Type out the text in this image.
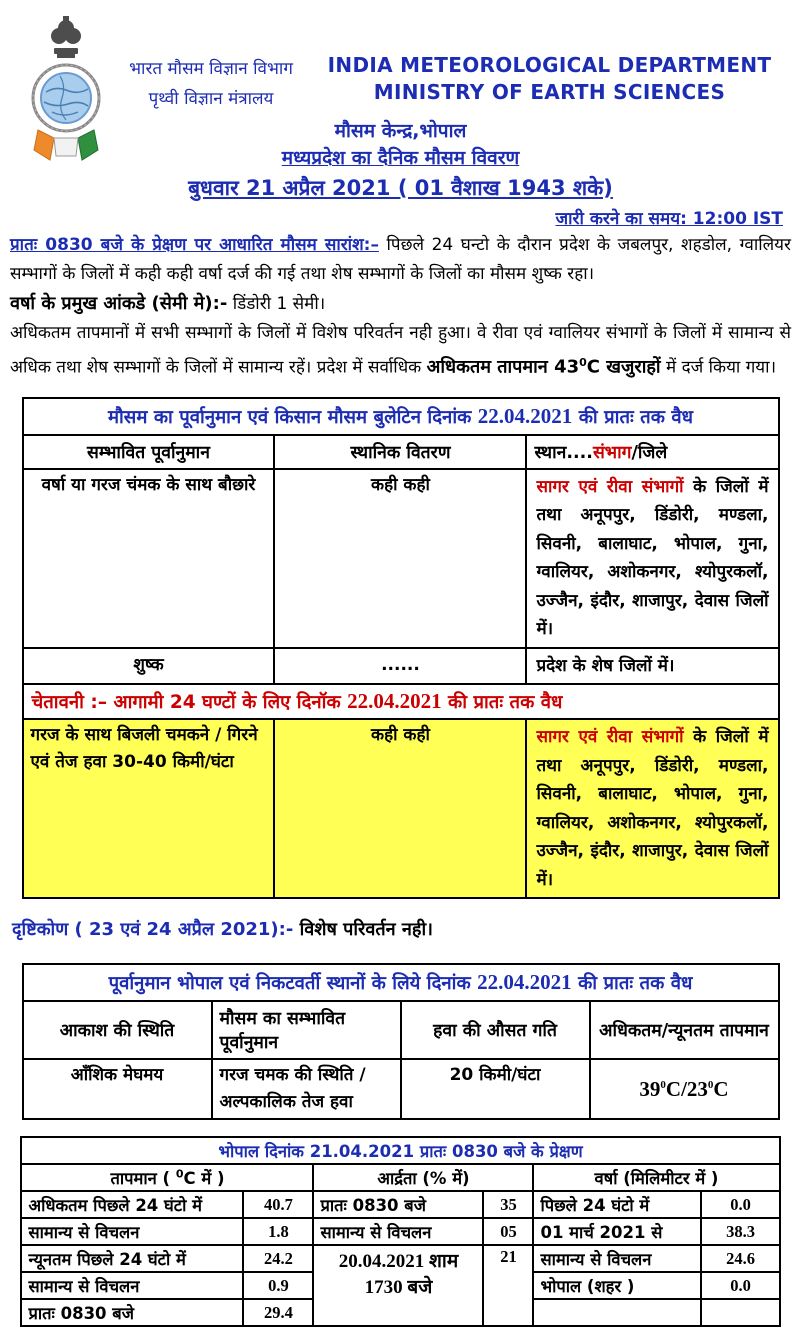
भारत मौसम विज्ञान विभाग
पृथ्वी विज्ञान मंत्रालय
INDIA METEOROLOGICAL DEPARTMENT
MINISTRY OF EARTH SCIENCES
मौसम केन्द्र,भोपाल
मध्यप्रदेश का दैनिक मौसम विवरण
बुधवार 21 अप्रैल 2021 ( 01 वैशाख 1943 शके)
जारी करने का समय: 12:00 IST

प्रातः 0830 बजे के प्रेक्षण पर आधारित मौसम सारांश:– पिछले 24 घन्टो के दौरान प्रदेश के जबलपुर, शहडोल, ग्वालियर सम्भागों के जिलों में कही कही वर्षा दर्ज की गई तथा शेष सम्भागों के जिलों का मौसम शुष्क रहा।

वर्षा के प्रमुख आंकडे (सेमी मे):- डिंडोरी 1 सेमी।

अधिकतम तापमानों में सभी सम्भागों के जिलों में विशेष परिवर्तन नही हुआ। वे रीवा एवं ग्वालियर संभागों के जिलों में सामान्य से अधिक तथा शेष सम्भागों के जिलों में सामान्य रहें। प्रदेश में सर्वाधिक अधिकतम तापमान $43^0C$ खजुराहों में दर्ज किया गया।

मौसम का पूर्वानुमान एवं किसान मौसम बुलेटिन दिनांक 22.04.2021 की प्रातः तक वैध		
सम्भावित पूर्वानुमान	स्थानिक वितरण	स्थान....संभाग/जिले
वर्षा या गरज चंमक के साथ बौछारे	कही कही	सागर एवं रीवा संभागों के जिलों में तथा अनूपपुर, डिंडोरी, मण्डला, सिवनी, बालाघाट, भोपाल, गुना, ग्वालियर, अशोकनगर, श्योपुरकलॉ, उज्जैन, इंदौर, शाजापुर, देवास जिलों में।
शुष्क	......	प्रदेश के शेष जिलों में।
चेतावनी :– आगामी 24 घण्टों के लिए दिनॉक 22.04.2021 की प्रातः तक वैध		
गरज के साथ बिजली चमकने / गिरने एवं तेज हवा 30-40 किमी/घंटा	कही कही	सागर एवं रीवा संभागों के जिलों में तथा अनूपपुर, डिंडोरी, मण्डला, सिवनी, बालाघाट, भोपाल, गुना, ग्वालियर, अशोकनगर, श्योपुरकलॉ, उज्जैन, इंदौर, शाजापुर, देवास जिलों में।
दृष्टिकोण ( 23 एवं 24 अप्रैल 2021):- विशेष परिवर्तन नही।
पूर्वानुमान भोपाल एवं निकटवर्ती स्थानों के लिये दिनांक 22.04.2021 की प्रातः तक वैध			
आकाश की स्थिति	मौसम का सम्भावित पूर्वानुमान	हवा की औसत गति	अधिकतम/न्यूनतम तापमान
ऑंशिक मेघमय	गरज चमक की स्थिति /अल्पकालिक तेज हवा	20 किमी/घंटा	$39^0C/23^0C$
भोपाल दिनांक 21.04.2021 प्रातः 0830 बजे के प्रेक्षण					
तापमान ( $^0$C में )		आर्द्रता (% में)		वर्षा (मिलिमीटर में )	
अधिकतम पिछले 24 घंटो में	40.7	प्रातः 0830 बजे	35	पिछले 24 घंटो में	0.0
सामान्य से विचलन	1.8	सामान्य से विचलन	05	01 मार्च 2021 से	38.3
न्यूनतम पिछले 24 घंटो में	24.2	20.04.2021 शाम 1730 बजे	21	सामान्य से विचलन	24.6
सामान्य से विचलन	0.9			भोपाल (शहर )	0.0
प्रातः 0830 बजे	29.4				
